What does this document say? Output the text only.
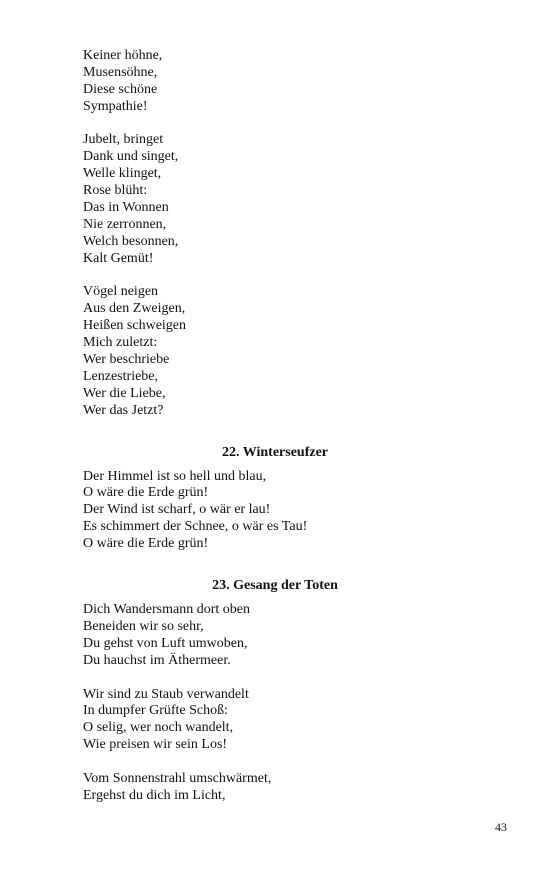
Keiner höhne,
Musensöhne,
Diese schöne
Sympathie!
Jubelt, bringet
Dank und singet,
Welle klinget,
Rose blüht:
Das in Wonnen
Nie zerronnen,
Welch besonnen,
Kalt Gemüt!
Vögel neigen
Aus den Zweigen,
Heißen schweigen
Mich zuletzt:
Wer beschriebe
Lenzestriebe,
Wer die Liebe,
Wer das Jetzt?
22. Winterseufzer
Der Himmel ist so hell und blau,
O wäre die Erde grün!
Der Wind ist scharf, o wär er lau!
Es schimmert der Schnee, o wär es Tau!
O wäre die Erde grün!
23. Gesang der Toten
Dich Wandersmann dort oben
Beneiden wir so sehr,
Du gehst von Luft umwoben,
Du hauchst im Äthermeer.
Wir sind zu Staub verwandelt
In dumpfer Grüfte Schoß:
O selig, wer noch wandelt,
Wie preisen wir sein Los!
Vom Sonnenstrahl umschwärmet,
Ergehst du dich im Licht,
43
